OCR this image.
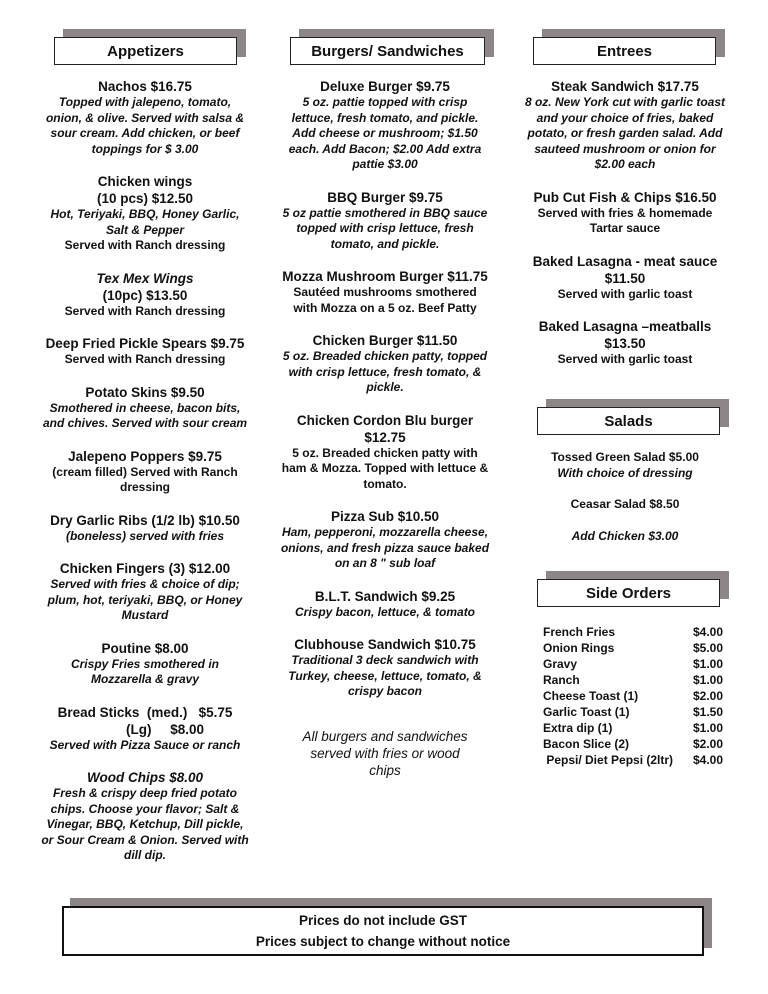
Appetizers	Burgers/ Sandwiches	Entrees
Salads
Side Orders
Nachos $16.75
Topped with jalepeno, tomato, onion, & olive. Served with salsa & sour cream. Add chicken, or beef toppings for $ 3.00
Chicken wings
(10 pcs) $12.50
Hot, Teriyaki, BBQ, Honey Garlic, Salt & Pepper
Served with Ranch dressing
Tex Mex Wings
(10pc) $13.50
Served with Ranch dressing
Deep Fried Pickle Spears $9.75
Served with Ranch dressing
Potato Skins $9.50
Smothered in cheese, bacon bits, and chives. Served with sour cream
Jalepeno Poppers $9.75
(cream filled) Served with Ranch dressing
Dry Garlic Ribs (1/2 lb) $10.50
(boneless) served with fries
Chicken Fingers (3) $12.00
Served with fries & choice of dip; plum, hot, teriyaki, BBQ, or Honey Mustard
Poutine $8.00
Crispy Fries smothered in Mozzarella & gravy
Bread Sticks  (med.)   $5.75
(Lg)     $8.00
Served with Pizza Sauce or ranch
Wood Chips $8.00
Fresh & crispy deep fried potato chips. Choose your flavor; Salt & Vinegar, BBQ, Ketchup, Dill pickle, or Sour Cream & Onion. Served with dill dip.
Deluxe Burger $9.75
5 oz. pattie topped with crisp lettuce, fresh tomato, and pickle. Add cheese or mushroom; $1.50 each. Add Bacon; $2.00 Add extra pattie $3.00
BBQ Burger $9.75
5 oz pattie smothered in BBQ sauce topped with crisp lettuce, fresh tomato, and pickle.
Mozza Mushroom Burger $11.75
Sautéed mushrooms smothered with Mozza on a 5 oz. Beef Patty
Chicken Burger $11.50
5 oz. Breaded chicken patty, topped with crisp lettuce, fresh tomato, & pickle.
Chicken Cordon Blu burger
$12.75
5 oz. Breaded chicken patty with ham & Mozza. Topped with lettuce & tomato.
Pizza Sub $10.50
Ham, pepperoni, mozzarella cheese, onions, and fresh pizza sauce baked on an 8 " sub loaf
B.L.T. Sandwich $9.25
Crispy bacon, lettuce, & tomato
Clubhouse Sandwich $10.75
Traditional 3 deck sandwich with Turkey, cheese, lettuce, tomato, & crispy bacon
All burgers and sandwiches served with fries or wood chips
Steak Sandwich $17.75
8 oz. New York cut with garlic toast and your choice of fries, baked potato, or fresh garden salad. Add sauteed mushroom or onion for $2.00 each
Pub Cut Fish & Chips $16.50
Served with fries & homemade Tartar sauce
Baked Lasagna - meat sauce
$11.50
Served with garlic toast
Baked Lasagna –meatballs
$13.50
Served with garlic toast
Tossed Green Salad $5.00
With choice of dressing
Ceasar Salad $8.50
Add Chicken $3.00
French Fries	$4.00
Onion Rings	$5.00
Gravy	$1.00
Ranch	$1.00
Cheese Toast (1)	$2.00
Garlic Toast (1)	$1.50
Extra dip (1)	$1.00
Bacon Slice (2)	$2.00
Pepsi/ Diet Pepsi (2ltr) $4.00
Prices do not include GST
Prices subject to change without notice
